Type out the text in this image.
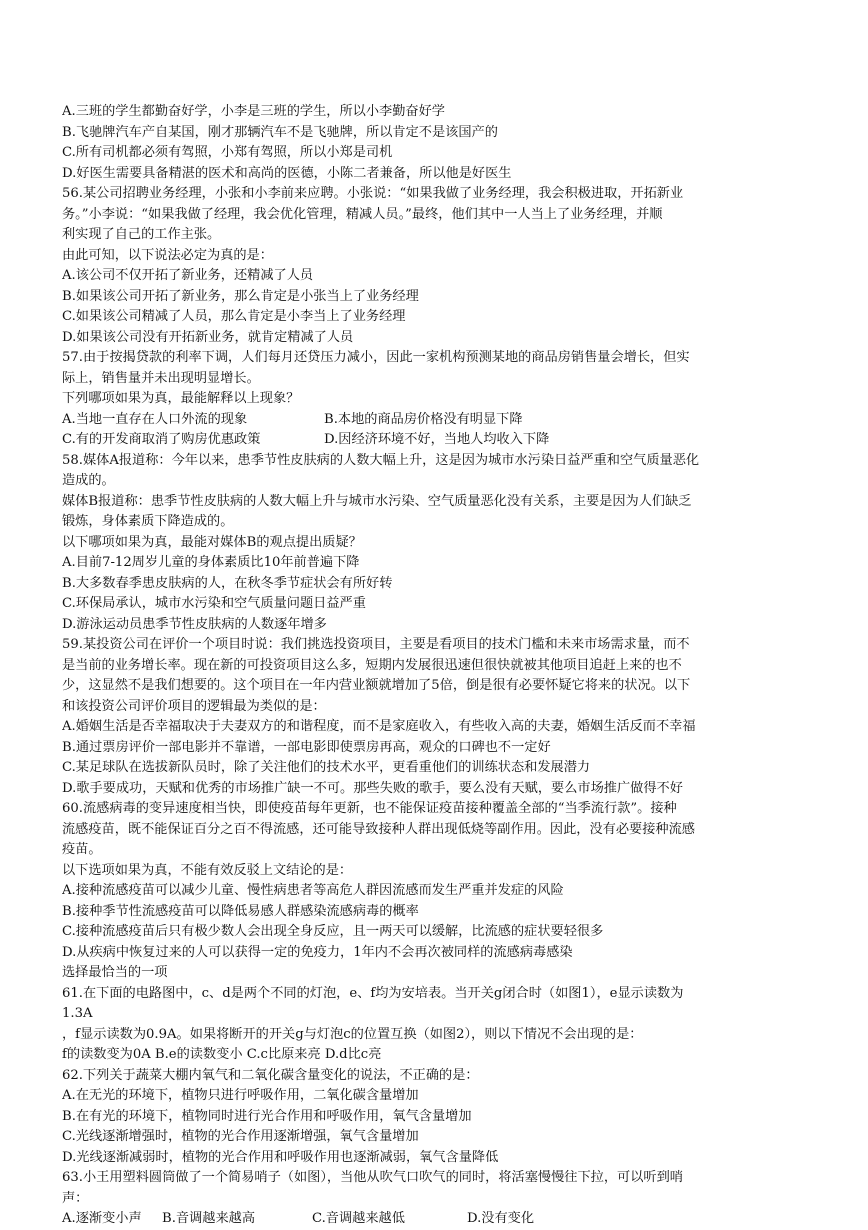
A.三班的学生都勤奋好学，小李是三班的学生，所以小李勤奋好学
B.飞驰牌汽车产自某国，刚才那辆汽车不是飞驰牌，所以肯定不是该国产的
C.所有司机都必须有驾照，小郑有驾照，所以小郑是司机
D.好医生需要具备精湛的医术和高尚的医德，小陈二者兼备，所以他是好医生
56.某公司招聘业务经理，小张和小李前来应聘。小张说：“如果我做了业务经理，我会积极进取，开拓新业
务。”小李说：“如果我做了经理，我会优化管理，精减人员。”最终，他们其中一人当上了业务经理，并顺
利实现了自己的工作主张。
由此可知，以下说法必定为真的是：
A.该公司不仅开拓了新业务，还精减了人员
B.如果该公司开拓了新业务，那么肯定是小张当上了业务经理
C.如果该公司精减了人员，那么肯定是小李当上了业务经理
D.如果该公司没有开拓新业务，就肯定精减了人员
57.由于按揭贷款的利率下调，人们每月还贷压力减小，因此一家机构预测某地的商品房销售量会增长，但实
际上，销售量并未出现明显增长。
下列哪项如果为真，最能解释以上现象？
A.当地一直存在人口外流的现象	B.本地的商品房价格没有明显下降
C.有的开发商取消了购房优惠政策	D.因经济环境不好，当地人均收入下降
58.媒体A报道称：今年以来，患季节性皮肤病的人数大幅上升，这是因为城市水污染日益严重和空气质量恶化
造成的。
媒体B报道称：患季节性皮肤病的人数大幅上升与城市水污染、空气质量恶化没有关系，主要是因为人们缺乏
锻炼，身体素质下降造成的。
以下哪项如果为真，最能对媒体B的观点提出质疑？
A.目前7-12周岁儿童的身体素质比10年前普遍下降
B.大多数春季患皮肤病的人，在秋冬季节症状会有所好转
C.环保局承认，城市水污染和空气质量问题日益严重
D.游泳运动员患季节性皮肤病的人数逐年增多
59.某投资公司在评价一个项目时说：我们挑选投资项目，主要是看项目的技术门槛和未来市场需求量，而不
是当前的业务增长率。现在新的可投资项目这么多，短期内发展很迅速但很快就被其他项目追赶上来的也不
少，这显然不是我们想要的。这个项目在一年内营业额就增加了5倍，倒是很有必要怀疑它将来的状况。以下
和该投资公司评价项目的逻辑最为类似的是：
A.婚姻生活是否幸福取决于夫妻双方的和谐程度，而不是家庭收入，有些收入高的夫妻，婚姻生活反而不幸福
B.通过票房评价一部电影并不靠谱，一部电影即使票房再高，观众的口碑也不一定好
C.某足球队在选拔新队员时，除了关注他们的技术水平，更看重他们的训练状态和发展潜力
D.歌手要成功，天赋和优秀的市场推广缺一不可。那些失败的歌手，要么没有天赋，要么市场推广做得不好
60.流感病毒的变异速度相当快，即使疫苗每年更新，也不能保证疫苗接种覆盖全部的“当季流行款”。接种
流感疫苗，既不能保证百分之百不得流感，还可能导致接种人群出现低烧等副作用。因此，没有必要接种流感
疫苗。
以下选项如果为真，不能有效反驳上文结论的是：
A.接种流感疫苗可以减少儿童、慢性病患者等高危人群因流感而发生严重并发症的风险
B.接种季节性流感疫苗可以降低易感人群感染流感病毒的概率
C.接种流感疫苗后只有极少数人会出现全身反应，且一两天可以缓解，比流感的症状要轻很多
D.从疾病中恢复过来的人可以获得一定的免疫力，1年内不会再次被同样的流感病毒感染
选择最恰当的一项
61.在下面的电路图中，c、d是两个不同的灯泡，e、f均为安培表。当开关g闭合时（如图1），e显示读数为
1.3A
，f显示读数为0.9A。如果将断开的开关g与灯泡c的位置互换（如图2），则以下情况不会出现的是：
f的读数变为0A B.e的读数变小 C.c比原来亮 D.d比c亮
62.下列关于蔬菜大棚内氧气和二氧化碳含量变化的说法，不正确的是：
A.在无光的环境下，植物只进行呼吸作用，二氧化碳含量增加
B.在有光的环境下，植物同时进行光合作用和呼吸作用，氧气含量增加
C.光线逐渐增强时，植物的光合作用逐渐增强，氧气含量增加
D.光线逐渐减弱时，植物的光合作用和呼吸作用也逐渐减弱，氧气含量降低
63.小王用塑料圆筒做了一个简易哨子（如图），当他从吹气口吹气的同时，将活塞慢慢往下拉，可以听到哨
声：
A.逐渐变小声	B.音调越来越高	C.音调越来越低	D.没有变化
